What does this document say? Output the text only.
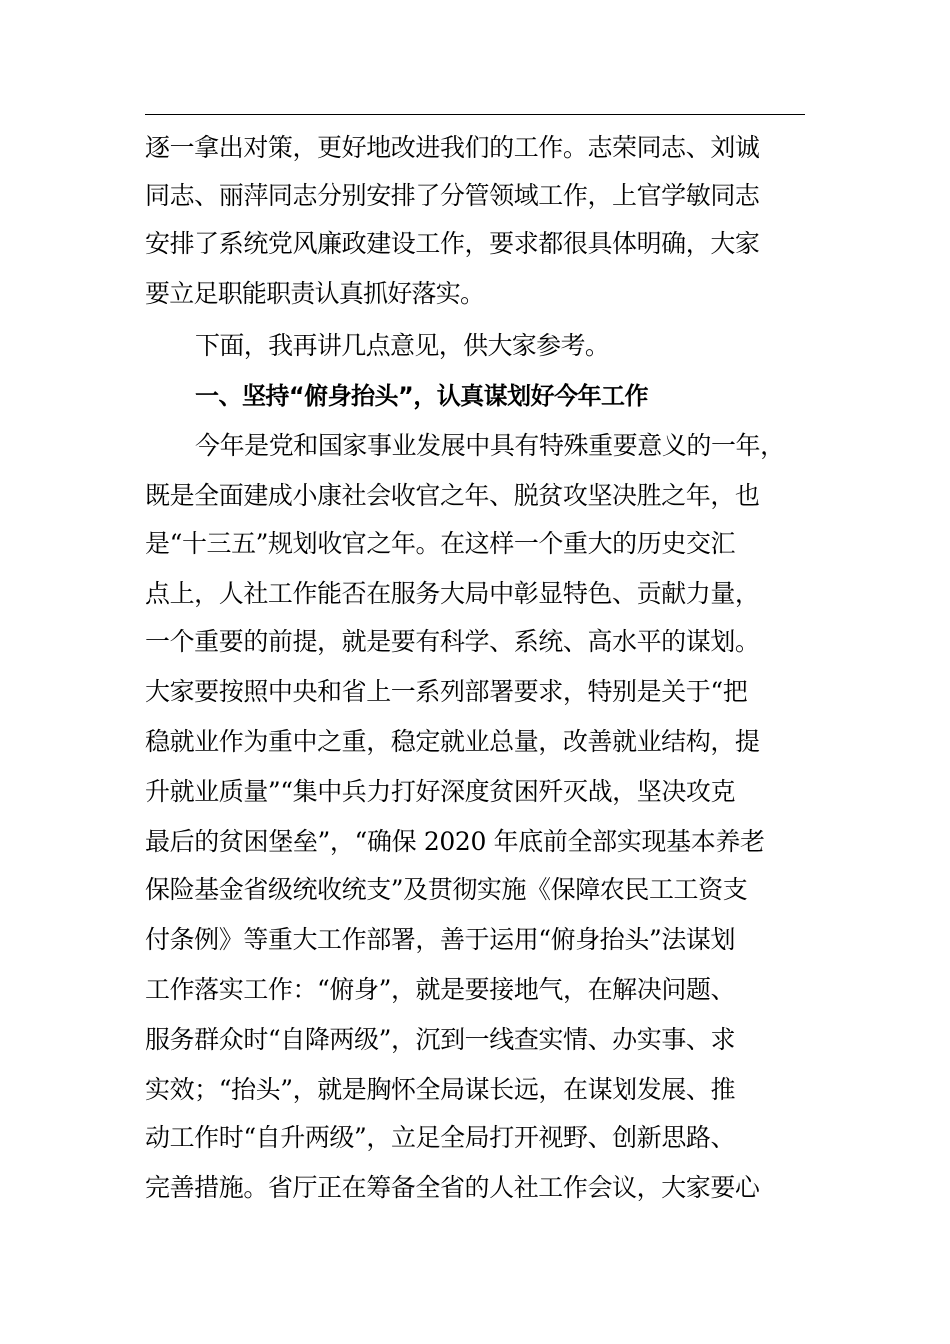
逐一拿出对策，更好地改进我们的工作。志荣同志、刘诚
同志、丽萍同志分别安排了分管领域工作，上官学敏同志
安排了系统党风廉政建设工作，要求都很具体明确，大家
要立足职能职责认真抓好落实。
下面，我再讲几点意见，供大家参考。
一、坚持“俯身抬头”，认真谋划好今年工作
今年是党和国家事业发展中具有特殊重要意义的一年，
既是全面建成小康社会收官之年、脱贫攻坚决胜之年，也
是“十三五”规划收官之年。在这样一个重大的历史交汇
点上，人社工作能否在服务大局中彰显特色、贡献力量，
一个重要的前提，就是要有科学、系统、高水平的谋划。
大家要按照中央和省上一系列部署要求，特别是关于“把
稳就业作为重中之重，稳定就业总量，改善就业结构，提
升就业质量”“集中兵力打好深度贫困歼灭战，坚决攻克
最后的贫困堡垒”，“确保 2020 年底前全部实现基本养老
保险基金省级统收统支”及贯彻实施《保障农民工工资支
付条例》等重大工作部署，善于运用“俯身抬头”法谋划
工作落实工作：“俯身”，就是要接地气，在解决问题、
服务群众时“自降两级”，沉到一线查实情、办实事、求
实效；“抬头”，就是胸怀全局谋长远，在谋划发展、推
动工作时“自升两级”，立足全局打开视野、创新思路、
完善措施。省厅正在筹备全省的人社工作会议，大家要心
